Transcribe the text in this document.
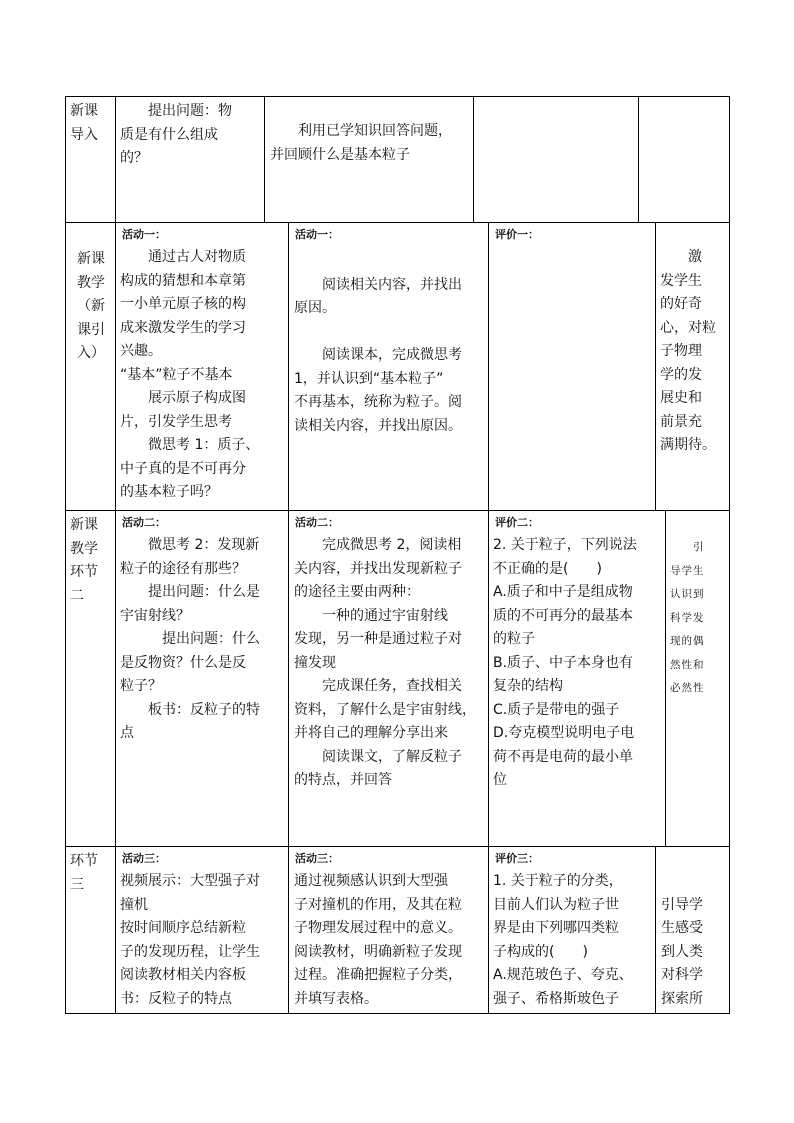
新课
导入
　　提出问题：物
质是有什么组成
的？
　　利用已学知识回答问题，
并回顾什么是基本粒子
新课
教学
（新
课引
入）
活动一：
　　通过古人对物质
构成的猜想和本章第
一小单元原子核的构
成来激发学生的学习
兴趣。
“基本”粒子不基本
　　展示原子构成图
片，引发学生思考
　　微思考 1：质子、
中子真的是不可再分
的基本粒子吗？
活动一：

　　阅读相关内容，并找出
原因。

　　阅读课本，完成微思考
1，并认识到“基本粒子”
不再基本，统称为粒子。阅
读相关内容，并找出原因。
评价一：
　　激
发学生
的好奇
心，对粒
子物理
学的发
展史和
前景充
满期待。
新课
教学
环节
二
活动二：
　　微思考 2：发现新
粒子的途径有那些？
　　提出问题：什么是
宇宙射线？
　　　提出问题：什么
是反物资？什么是反
粒子？
　　板书：反粒子的特
点
活动二：
　　完成微思考 2，阅读相
关内容，并找出发现新粒子
的途径主要由两种：
　　一种的通过宇宙射线
发现，另一种是通过粒子对
撞发现
　　完成课任务，查找相关
资料，了解什么是宇宙射线，
并将自己的理解分享出来
　　阅读课文，了解反粒子
的特点，并回答
评价二：
2. 关于粒子，下列说法
不正确的是(　　)
A.质子和中子是组成物
质的不可再分的最基本
的粒子
B.质子、中子本身也有
复杂的结构
C.质子是带电的强子
D.夸克模型说明电子电
荷不再是电荷的最小单
位
　　引
导学生
认识到
科学发
现的偶
然性和
必然性
环节
三
活动三：
视频展示：大型强子对
撞机
按时间顺序总结新粒
子的发现历程，让学生
阅读教材相关内容板
书：反粒子的特点
活动三：
通过视频感认识到大型强
子对撞机的作用，及其在粒
子物理发展过程中的意义。
阅读教材，明确新粒子发现
过程。准确把握粒子分类，
并填写表格。
评价三：
1. 关于粒子的分类，
目前人们认为粒子世
界是由下列哪四类粒
子构成的(　　)
A.规范玻色子、夸克、
强子、希格斯玻色子

引导学
生感受
到人类
对科学
探索所
